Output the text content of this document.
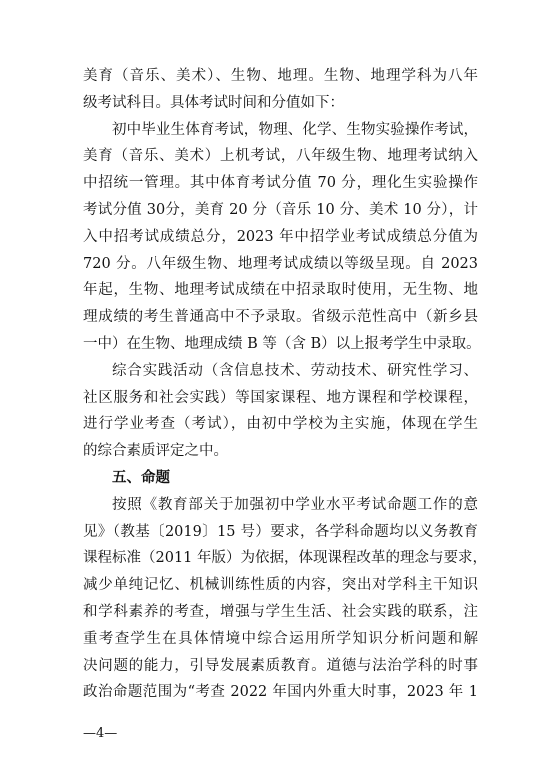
美育（音乐、美术）、生物、地理。生物、地理学科为八年
级考试科目。具体考试时间和分值如下：
初中毕业生体育考试，物理、化学、生物实验操作考试，
美育（音乐、美术）上机考试，八年级生物、地理考试纳入
中招统一管理。其中体育考试分值 70 分，理化生实验操作
考试分值 30分，美育 20 分（音乐 10 分、美术 10 分），计
入中招考试成绩总分，2023 年中招学业考试成绩总分值为
720 分。八年级生物、地理考试成绩以等级呈现。自 2023
年起，生物、地理考试成绩在中招录取时使用，无生物、地
理成绩的考生普通高中不予录取。省级示范性高中（新乡县
一中）在生物、地理成绩 B 等（含 B）以上报考学生中录取。
综合实践活动（含信息技术、劳动技术、研究性学习、
社区服务和社会实践）等国家课程、地方课程和学校课程，
进行学业考查（考试），由初中学校为主实施，体现在学生
的综合素质评定之中。
五、命题
按照《教育部关于加强初中学业水平考试命题工作的意
见》（教基〔2019〕15 号）要求，各学科命题均以义务教育
课程标准（2011 年版）为依据，体现课程改革的理念与要求，
减少单纯记忆、机械训练性质的内容，突出对学科主干知识
和学科素养的考查，增强与学生生活、社会实践的联系，注
重考查学生在具体情境中综合运用所学知识分析问题和解
决问题的能力，引导发展素质教育。道德与法治学科的时事
政治命题范围为“考查 2022 年国内外重大时事，2023 年 1
—4—
